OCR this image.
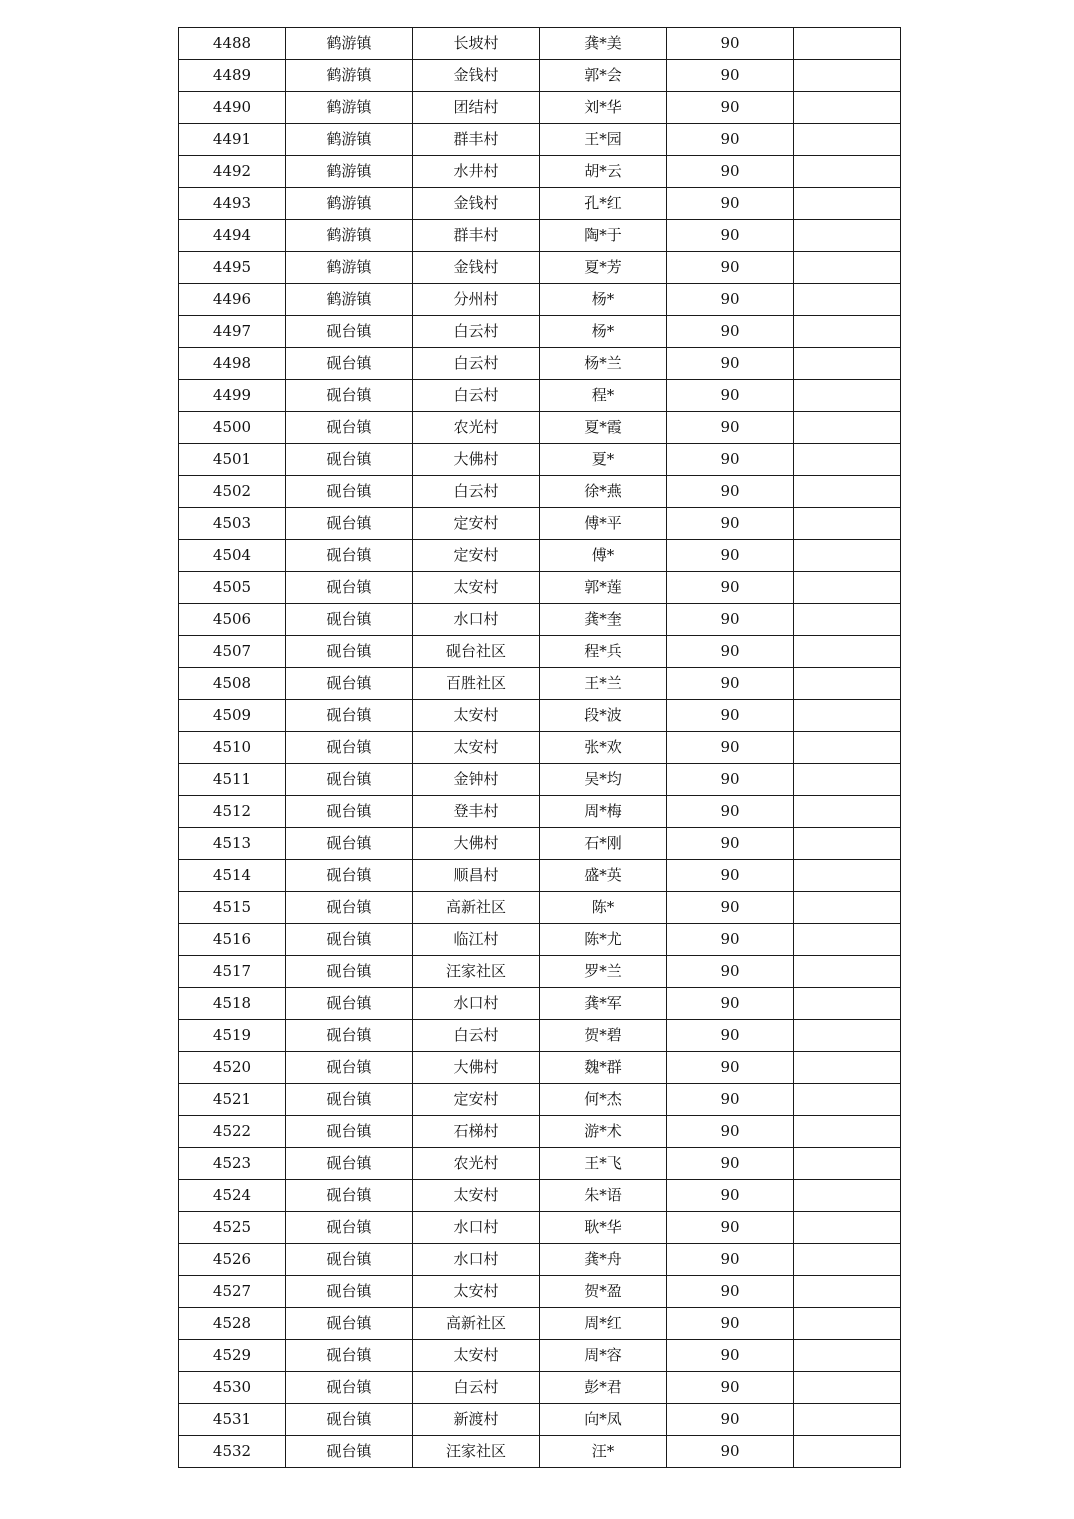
4488	鹤游镇	长坡村	龚*美	90	
4489	鹤游镇	金钱村	郭*会	90	
4490	鹤游镇	团结村	刘*华	90	
4491	鹤游镇	群丰村	王*园	90	
4492	鹤游镇	水井村	胡*云	90	
4493	鹤游镇	金钱村	孔*红	90	
4494	鹤游镇	群丰村	陶*于	90	
4495	鹤游镇	金钱村	夏*芳	90	
4496	鹤游镇	分州村	杨*	90	
4497	砚台镇	白云村	杨*	90	
4498	砚台镇	白云村	杨*兰	90	
4499	砚台镇	白云村	程*	90	
4500	砚台镇	农光村	夏*霞	90	
4501	砚台镇	大佛村	夏*	90	
4502	砚台镇	白云村	徐*燕	90	
4503	砚台镇	定安村	傅*平	90	
4504	砚台镇	定安村	傅*	90	
4505	砚台镇	太安村	郭*莲	90	
4506	砚台镇	水口村	龚*奎	90	
4507	砚台镇	砚台社区	程*兵	90	
4508	砚台镇	百胜社区	王*兰	90	
4509	砚台镇	太安村	段*波	90	
4510	砚台镇	太安村	张*欢	90	
4511	砚台镇	金钟村	吴*均	90	
4512	砚台镇	登丰村	周*梅	90	
4513	砚台镇	大佛村	石*刚	90	
4514	砚台镇	顺昌村	盛*英	90	
4515	砚台镇	高新社区	陈*	90	
4516	砚台镇	临江村	陈*尤	90	
4517	砚台镇	汪家社区	罗*兰	90	
4518	砚台镇	水口村	龚*军	90	
4519	砚台镇	白云村	贺*碧	90	
4520	砚台镇	大佛村	魏*群	90	
4521	砚台镇	定安村	何*杰	90	
4522	砚台镇	石梯村	游*术	90	
4523	砚台镇	农光村	王*飞	90	
4524	砚台镇	太安村	朱*语	90	
4525	砚台镇	水口村	耿*华	90	
4526	砚台镇	水口村	龚*舟	90	
4527	砚台镇	太安村	贺*盈	90	
4528	砚台镇	高新社区	周*红	90	
4529	砚台镇	太安村	周*容	90	
4530	砚台镇	白云村	彭*君	90	
4531	砚台镇	新渡村	向*凤	90	
4532	砚台镇	汪家社区	汪*	90	
